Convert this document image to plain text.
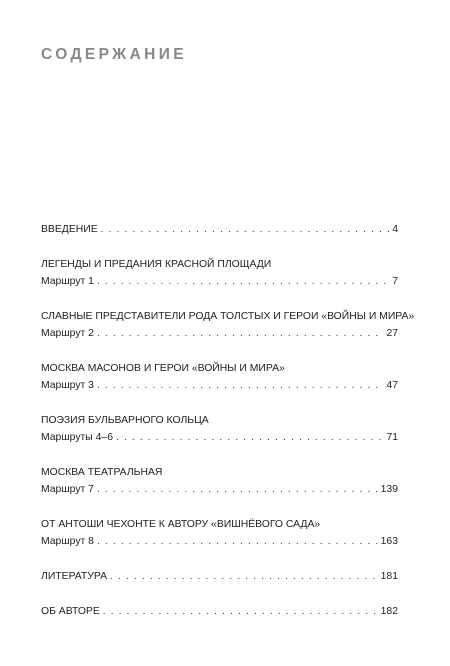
СОДЕРЖАНИЕ
ВВЕДЕНИЕ . . .	4
ЛЕГЕНДЫ И ПРЕДАНИЯ КРАСНОЙ ПЛОЩАДИ
Маршрут 1 . . .	7
СЛАВНЫЕ ПРЕДСТАВИТЕЛИ РОДА ТОЛСТЫХ И ГЕРОИ «ВОЙНЫ И МИРА»
Маршрут 2 . . .	27
МОСКВА МАСОНОВ И ГЕРОИ «ВОЙНЫ И МИРА»
Маршрут 3 . . .	47
ПОЭЗИЯ БУЛЬВАРНОГО КОЛЬЦА
Маршруты 4–6 . . .	71
МОСКВА ТЕАТРАЛЬНАЯ
Маршрут 7 . . .	139
ОТ АНТОШИ ЧЕХОНТЕ К АВТОРУ «ВИШНЁВОГО САДА»
Маршрут 8 . . .	163
ЛИТЕРАТУРА . . .	181
ОБ АВТОРЕ . . .	182
